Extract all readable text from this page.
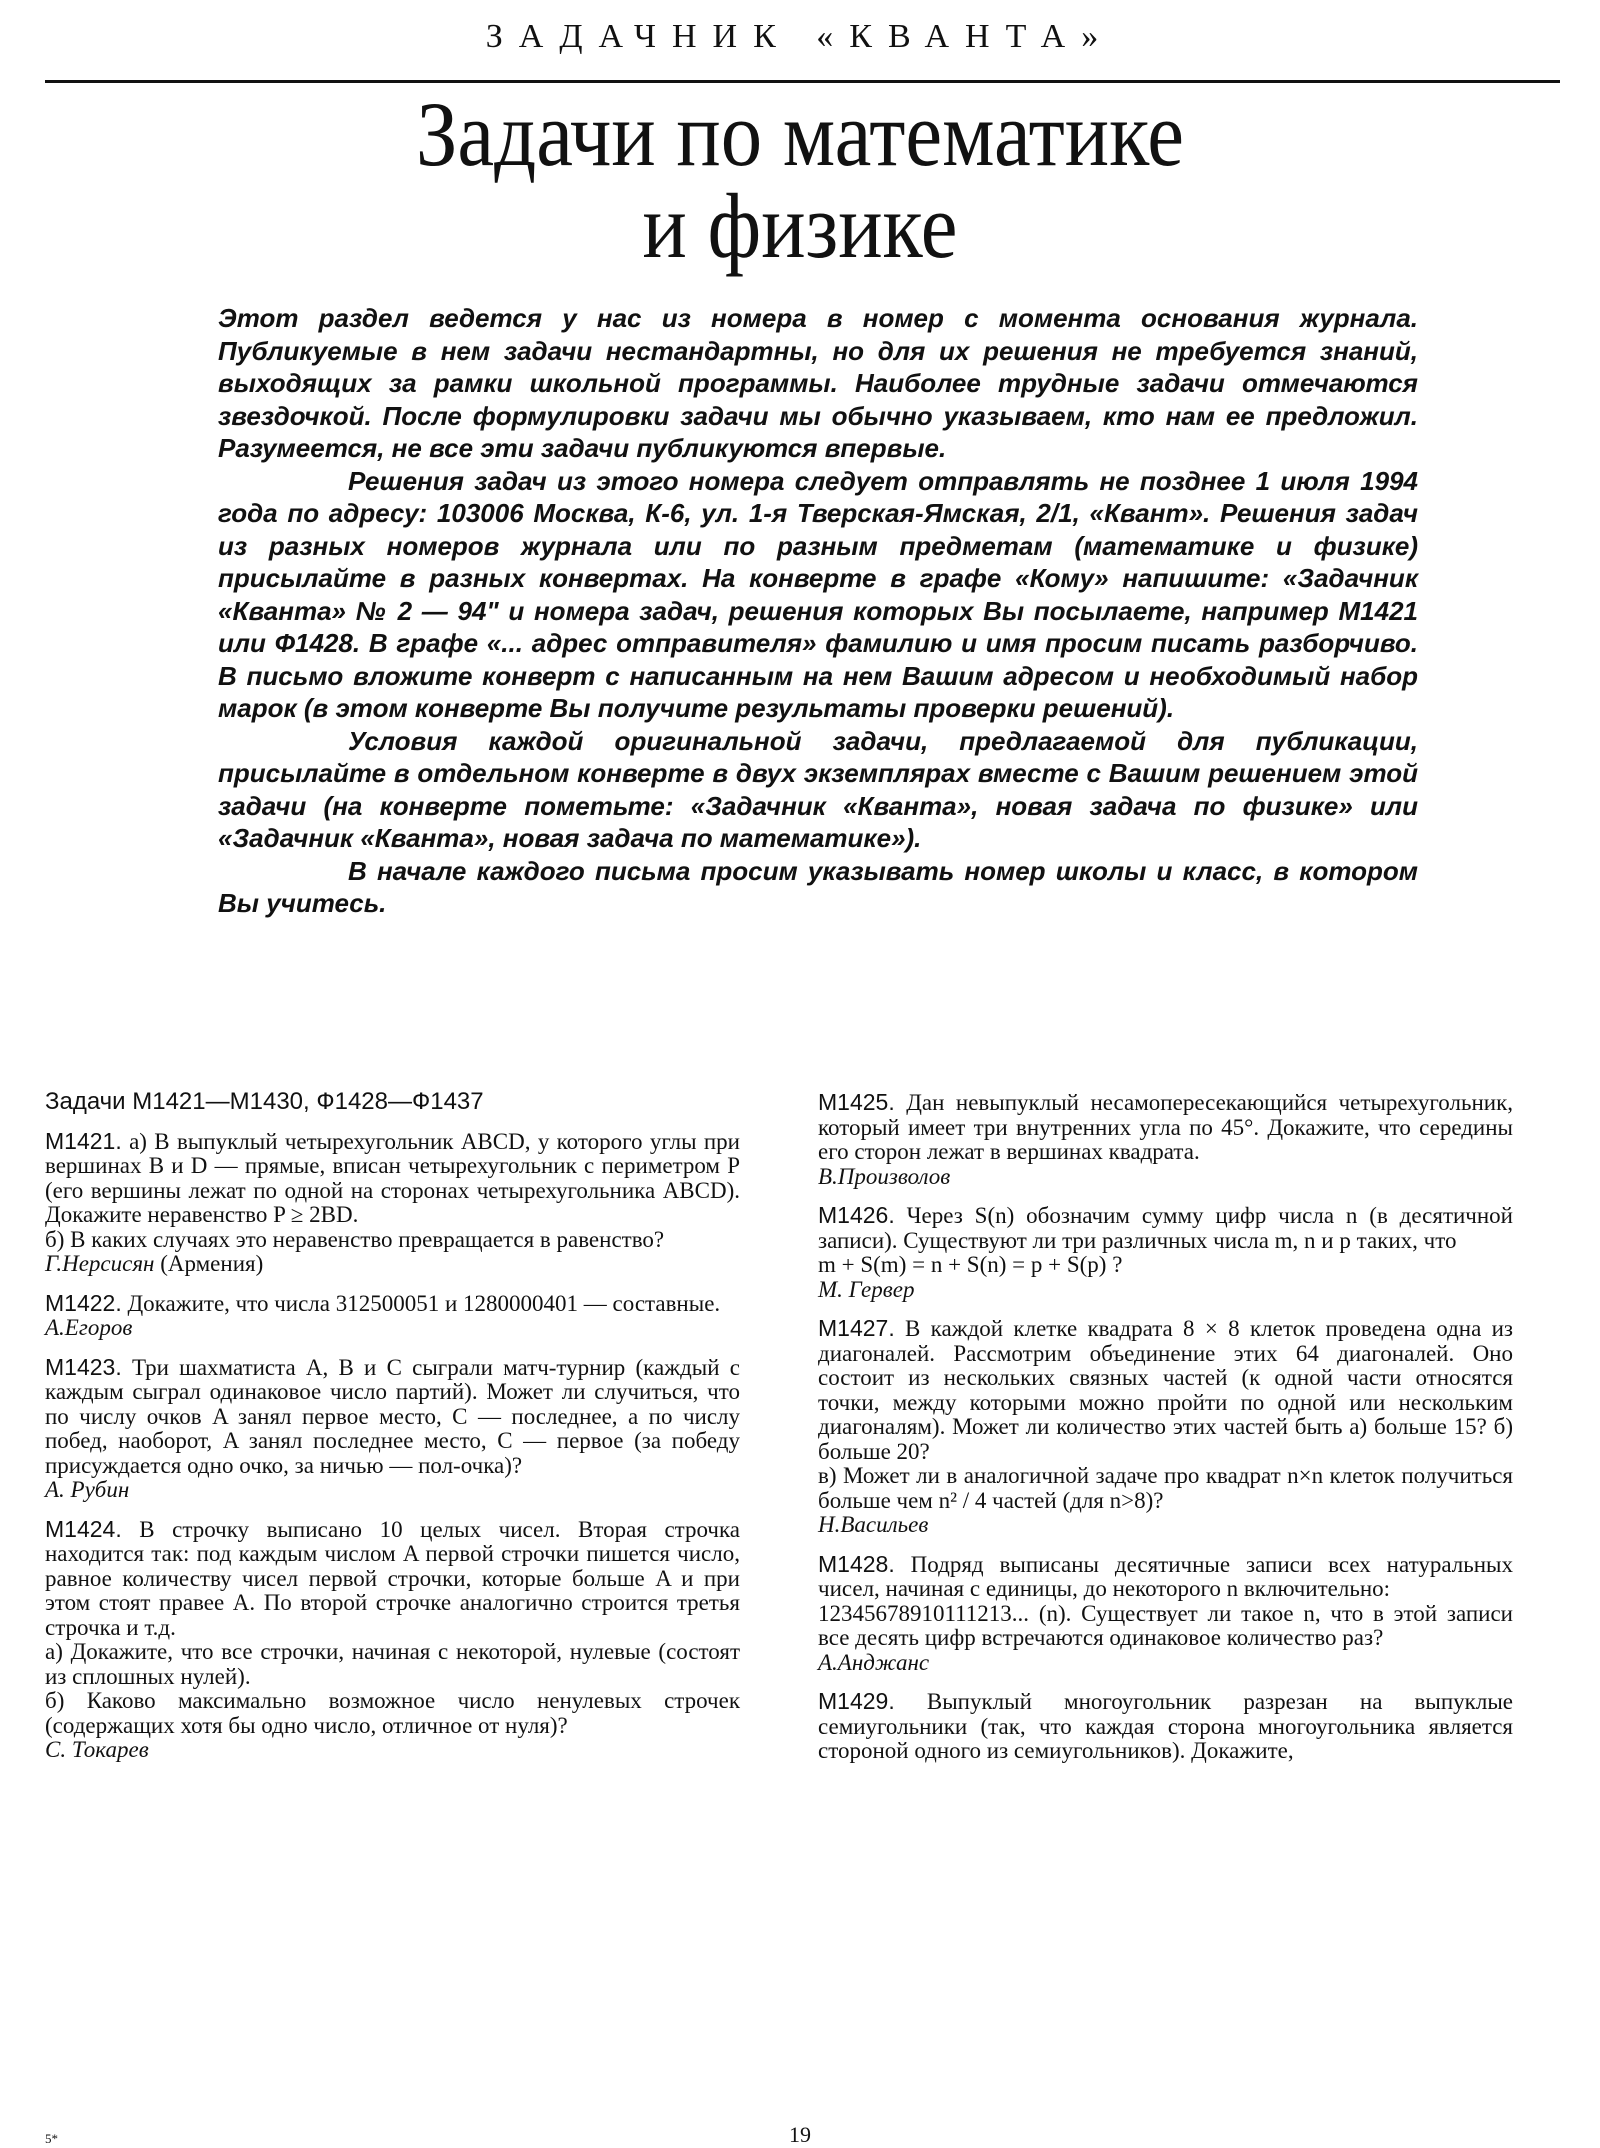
ЗАДАЧНИК «КВАНТА»
Задачи по математике
и физике

Этот раздел ведется у нас из номера в номер с момента основания журнала. Публикуемые в нем задачи нестандартны, но для их решения не требуется знаний, выходящих за рамки школьной программы. Наиболее трудные задачи отмечаются звездочкой. После формулировки задачи мы обычно указываем, кто нам ее предложил. Разумеется, не все эти задачи публикуются впервые.

Решения задач из этого номера следует отправлять не позднее 1 июля 1994 года по адресу: 103006 Москва, К-6, ул. 1-я Тверская-Ямская, 2/1, «Квант». Решения задач из разных номеров журнала или по разным предметам (математике и физике) присылайте в разных конвертах. На конверте в графе «Кому» напишите: «Задачник «Кванта» № 2 — 94" и номера задач, решения которых Вы посылаете, например М1421 или Ф1428. В графе «... адрес отправителя» фамилию и имя просим писать разборчиво. В письмо вложите конверт с написанным на нем Вашим адресом и необходимый набор марок (в этом конверте Вы получите результаты проверки решений).

Условия каждой оригинальной задачи, предлагаемой для публикации, присылайте в отдельном конверте в двух экземплярах вместе с Вашим решением этой задачи (на конверте пометьте: «Задачник «Кванта», новая задача по физике» или «Задачник «Кванта», новая задача по математике»).

В начале каждого письма просим указывать номер школы и класс, в котором Вы учитесь.

Задачи М1421—М1430, Ф1428—Ф1437
М1421. а) В выпуклый четырехугольник ABCD, у которого углы при вершинах B и D — прямые, вписан четырехугольник с периметром P (его вершины лежат по одной на сторонах четырехугольника ABCD). Докажите неравенство P ≥ 2BD.
б) В каких случаях это неравенство превращается в равенство?
Г.Нерсисян (Армения)
М1422. Докажите, что числа 312500051 и 1280000401 — составные.
А.Егоров
М1423. Три шахматиста A, B и C сыграли матч-турнир (каждый с каждым сыграл одинаковое число партий). Может ли случиться, что по числу очков A занял первое место, C — последнее, а по числу побед, наоборот, A занял последнее место, C — первое (за победу присуждается одно очко, за ничью — пол-очка)?
А. Рубин
М1424. В строчку выписано 10 целых чисел. Вторая строчка находится так: под каждым числом A первой строчки пишется число, равное количеству чисел первой строчки, которые больше A и при этом стоят правее A. По второй строчке аналогично строится третья строчка и т.д.
а) Докажите, что все строчки, начиная с некоторой, нулевые (состоят из сплошных нулей).
б) Каково максимально возможное число ненулевых строчек (содержащих хотя бы одно число, отличное от нуля)?
С. Токарев
М1425. Дан невыпуклый несамопересекающийся четырехугольник, который имеет три внутренних угла по 45°. Докажите, что середины его сторон лежат в вершинах квадрата.
В.Произволов
М1426. Через S(n) обозначим сумму цифр числа n (в десятичной записи). Существуют ли три различных числа m, n и p таких, что
m + S(m) = n + S(n) = p + S(p) ?
М. Гервер
М1427. В каждой клетке квадрата 8 × 8 клеток проведена одна из диагоналей. Рассмотрим объединение этих 64 диагоналей. Оно состоит из нескольких связных частей (к одной части относятся точки, между которыми можно пройти по одной или нескольким диагоналям). Может ли количество этих частей быть а) больше 15? б) больше 20?
в) Может ли в аналогичной задаче про квадрат n×n клеток получиться больше чем n² / 4 частей (для n>8)?
Н.Васильев
М1428. Подряд выписаны десятичные записи всех натуральных чисел, начиная с единицы, до некоторого n включительно:
12345678910111213... (n). Существует ли такое n, что в этой записи все десять цифр встречаются одинаковое количество раз?
А.Анджанс
М1429. Выпуклый многоугольник разрезан на выпуклые семиугольники (так, что каждая сторона многоугольника является стороной одного из семиугольников). Докажите,
5*	19
